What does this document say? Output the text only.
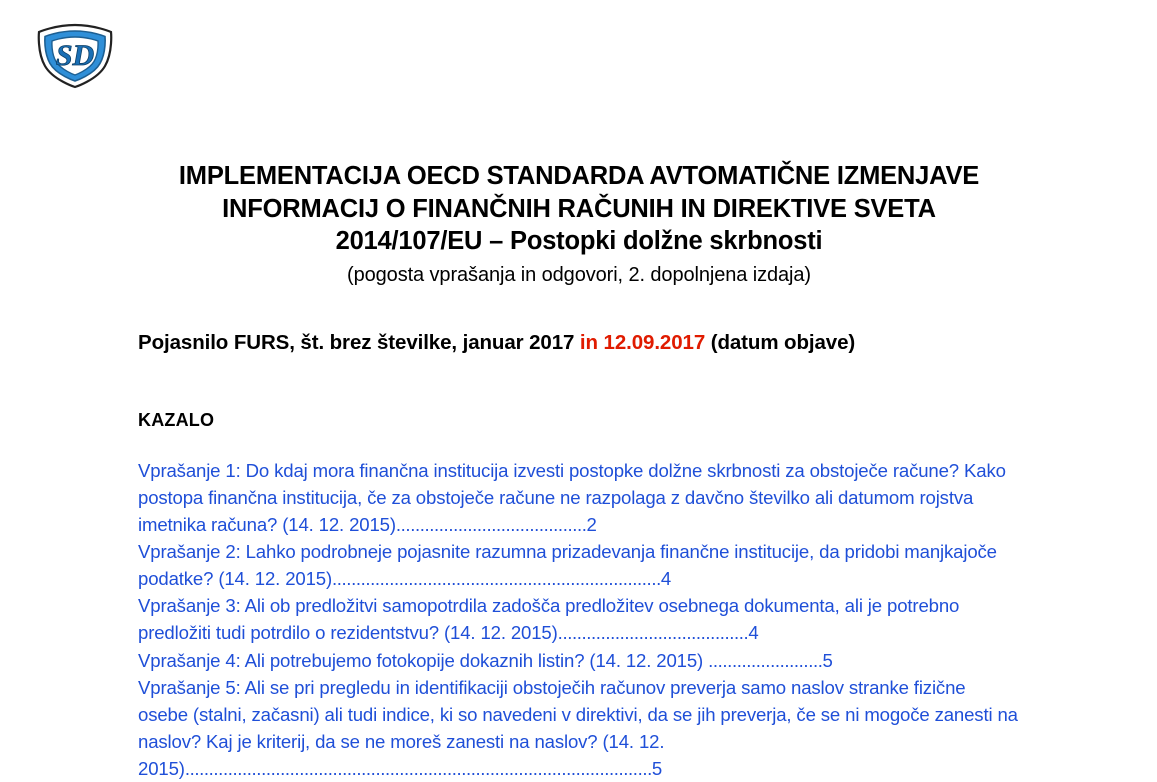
SD
IMPLEMENTACIJA OECD STANDARDA AVTOMATIČNE IZMENJAVE
INFORMACIJ O FINANČNIH RAČUNIH IN DIREKTIVE SVETA

2014/107/EU – Postopki dolžne skrbnosti
(pogosta vprašanja in odgovori, 2. dopolnjena izdaja)
Pojasnilo FURS, št. brez številke, januar 2017 in 12.09.2017 (datum objave)
KAZALO
Vprašanje 1: Do kdaj mora finančna institucija izvesti postopke dolžne skrbnosti za obstoječe račune? Kako postopa finančna institucija, če za obstoječe račune ne razpolaga z davčno številko ali datumom rojstva imetnika računa? (14. 12. 2015)........................................2
Vprašanje 2: Lahko podrobneje pojasnite razumna prizadevanja finančne institucije, da pridobi manjkajoče podatke? (14. 12. 2015).....................................................................4
Vprašanje 3: Ali ob predložitvi samopotrdila zadošča predložitev osebnega dokumenta, ali je potrebno predložiti tudi potrdilo o rezidentstvu? (14. 12. 2015)........................................4
Vprašanje 4: Ali potrebujemo fotokopije dokaznih listin? (14. 12. 2015) ........................5
Vprašanje 5: Ali se pri pregledu in identifikaciji obstoječih računov preverja samo naslov stranke fizične osebe (stalni, začasni) ali tudi indice, ki so navedeni v direktivi, da se jih preverja, če se ni mogoče zanesti na naslov? Kaj je kriterij, da se ne moreš zanesti na naslov? (14. 12. 2015)..................................................................................................5
